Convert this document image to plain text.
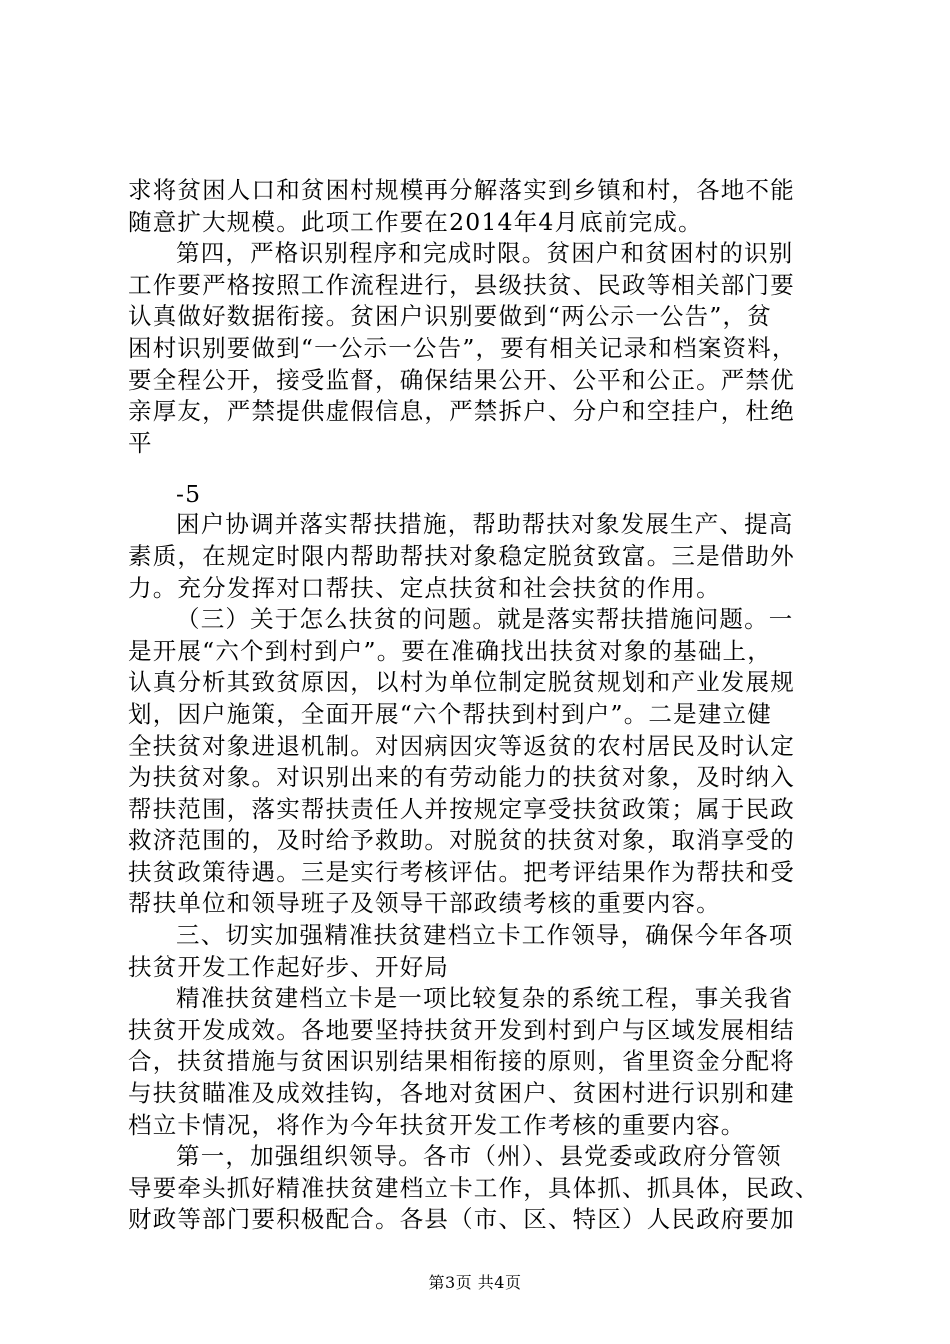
求将贫困人口和贫困村规模再分解落实到乡镇和村，各地不能
随意扩大规模。此项工作要在2014年4月底前完成。
第四，严格识别程序和完成时限。贫困户和贫困村的识别
工作要严格按照工作流程进行，县级扶贫、民政等相关部门要
认真做好数据衔接。贫困户识别要做到“两公示一公告”，贫
困村识别要做到“一公示一公告”，要有相关记录和档案资料，
要全程公开，接受监督，确保结果公开、公平和公正。严禁优
亲厚友，严禁提供虚假信息，严禁拆户、分户和空挂户，杜绝
平
-5
困户协调并落实帮扶措施，帮助帮扶对象发展生产、提高
素质，在规定时限内帮助帮扶对象稳定脱贫致富。三是借助外
力。充分发挥对口帮扶、定点扶贫和社会扶贫的作用。
（三）关于怎么扶贫的问题。就是落实帮扶措施问题。一
是开展“六个到村到户”。要在准确找出扶贫对象的基础上，
认真分析其致贫原因，以村为单位制定脱贫规划和产业发展规
划，因户施策，全面开展“六个帮扶到村到户”。二是建立健
全扶贫对象进退机制。对因病因灾等返贫的农村居民及时认定
为扶贫对象。对识别出来的有劳动能力的扶贫对象，及时纳入
帮扶范围，落实帮扶责任人并按规定享受扶贫政策；属于民政
救济范围的，及时给予救助。对脱贫的扶贫对象，取消享受的
扶贫政策待遇。三是实行考核评估。把考评结果作为帮扶和受
帮扶单位和领导班子及领导干部政绩考核的重要内容。
三、切实加强精准扶贫建档立卡工作领导，确保今年各项
扶贫开发工作起好步、开好局
精准扶贫建档立卡是一项比较复杂的系统工程，事关我省
扶贫开发成效。各地要坚持扶贫开发到村到户与区域发展相结
合，扶贫措施与贫困识别结果相衔接的原则，省里资金分配将
与扶贫瞄准及成效挂钩，各地对贫困户、贫困村进行识别和建
档立卡情况，将作为今年扶贫开发工作考核的重要内容。
第一，加强组织领导。各市（州）、县党委或政府分管领
导要牵头抓好精准扶贫建档立卡工作，具体抓、抓具体，民政、
财政等部门要积极配合。各县（市、区、特区）人民政府要加
第3页 共4页
